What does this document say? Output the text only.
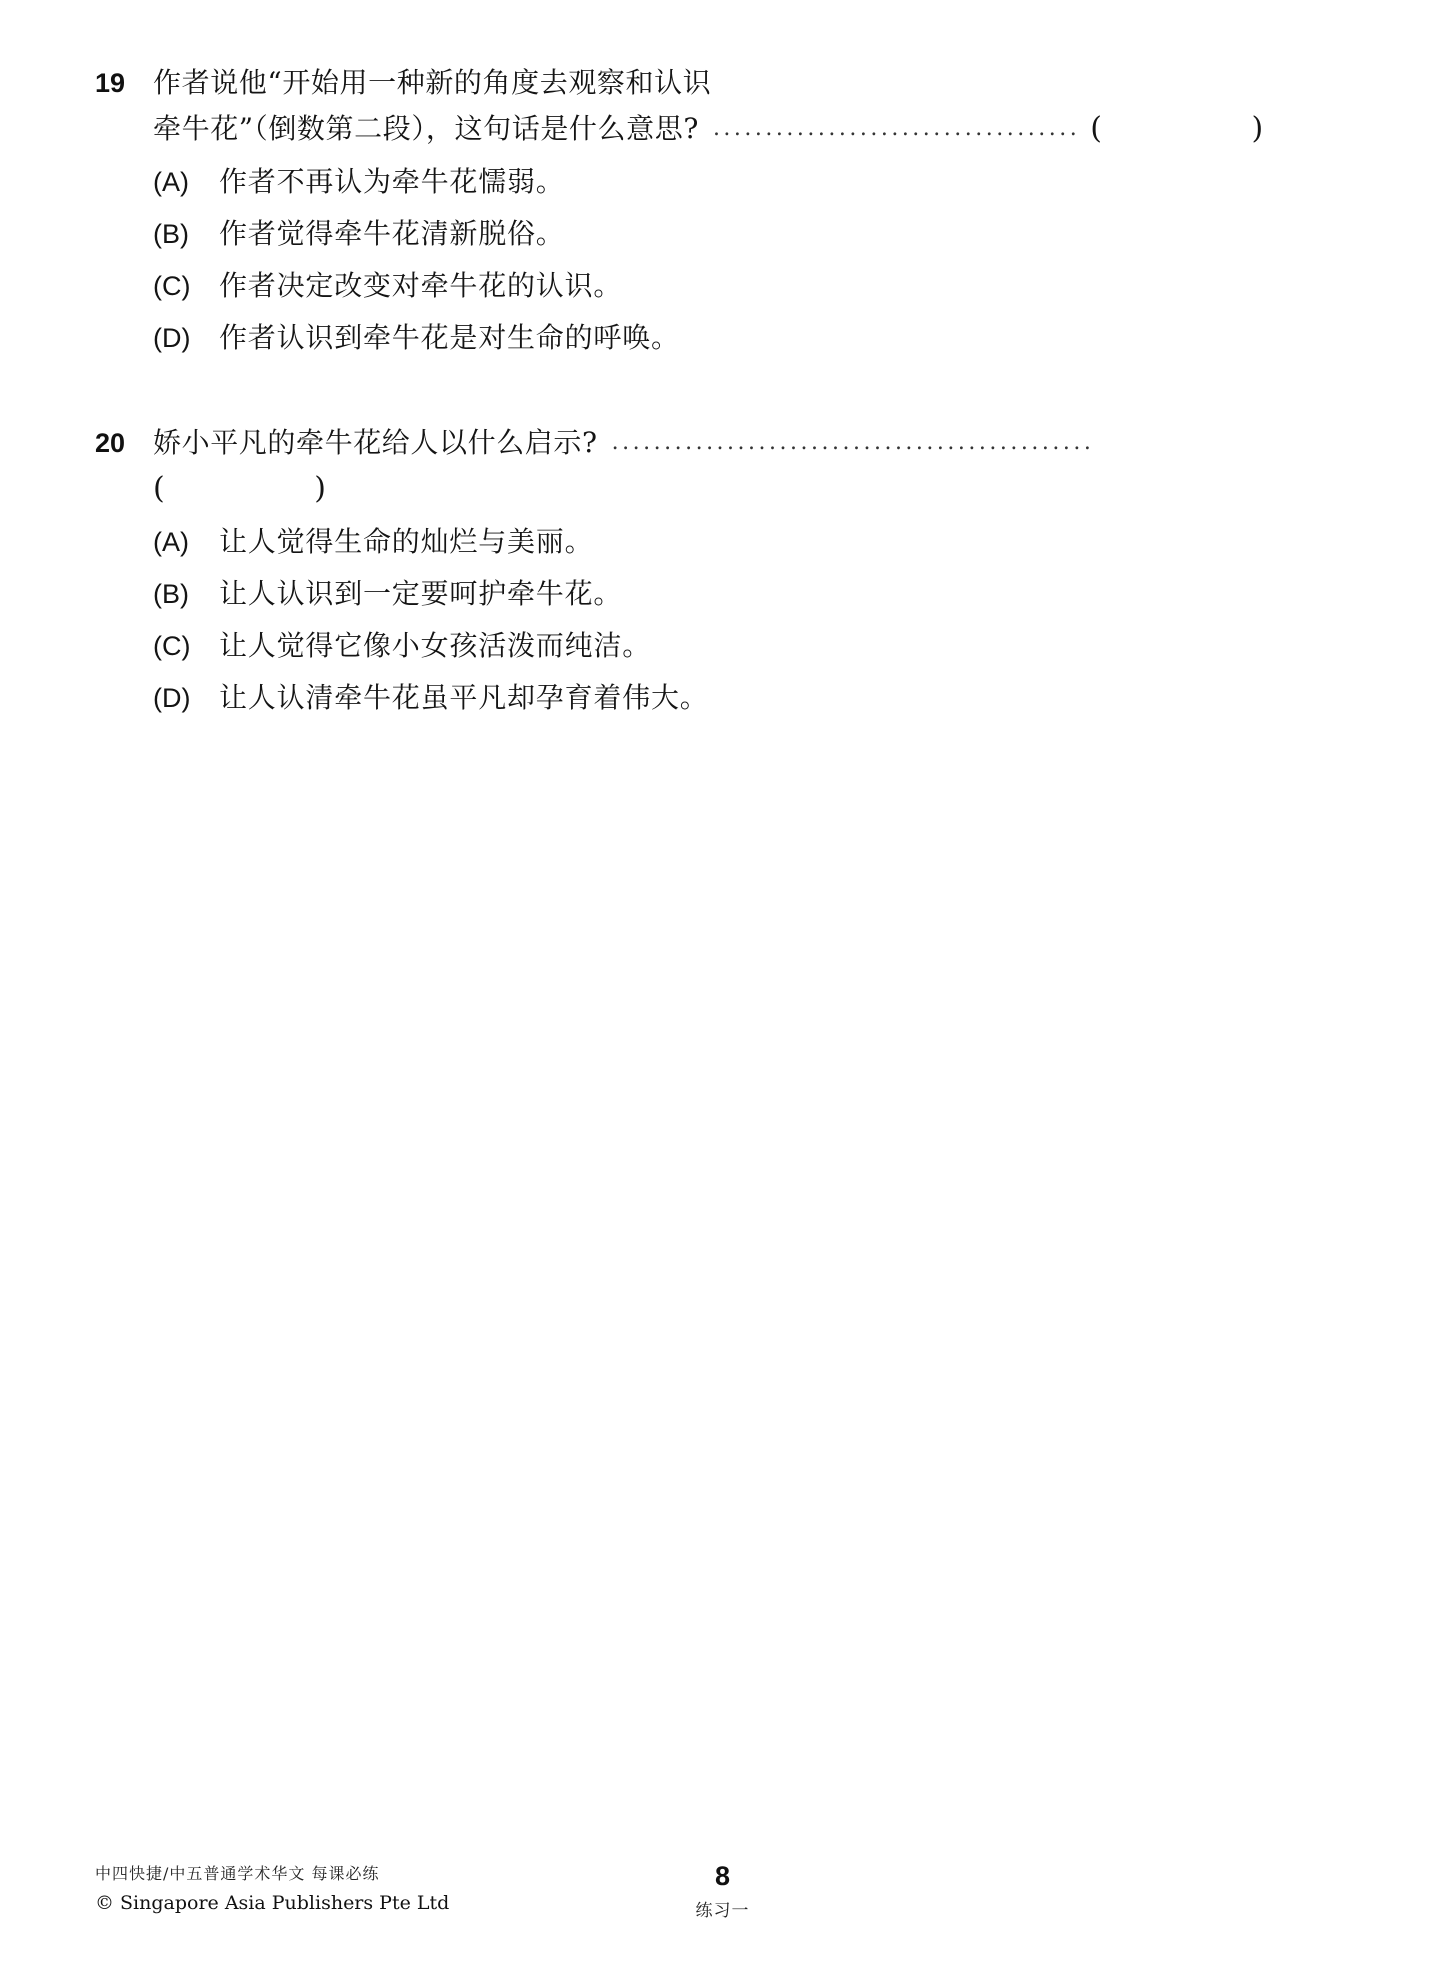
19 作者说他“开始用一种新的角度去观察和认识
牵牛花”（倒数第二段），这句话是什么意思? ................................... ( )
(A)	作者不再认为牵牛花懦弱。
(B)	作者觉得牵牛花清新脱俗。
(C)	作者决定改变对牵牛花的认识。
(D)	作者认识到牵牛花是对生命的呼唤。
20 娇小平凡的牵牛花给人以什么启示? ..............................................( )
(A)	让人觉得生命的灿烂与美丽。
(B)	让人认识到一定要呵护牵牛花。
(C)	让人觉得它像小女孩活泼而纯洁。
(D)	让人认清牵牛花虽平凡却孕育着伟大。
中四快捷/中五普通学术华文 每课必练
© Singapore Asia Publishers Pte Ltd
8
练习一
